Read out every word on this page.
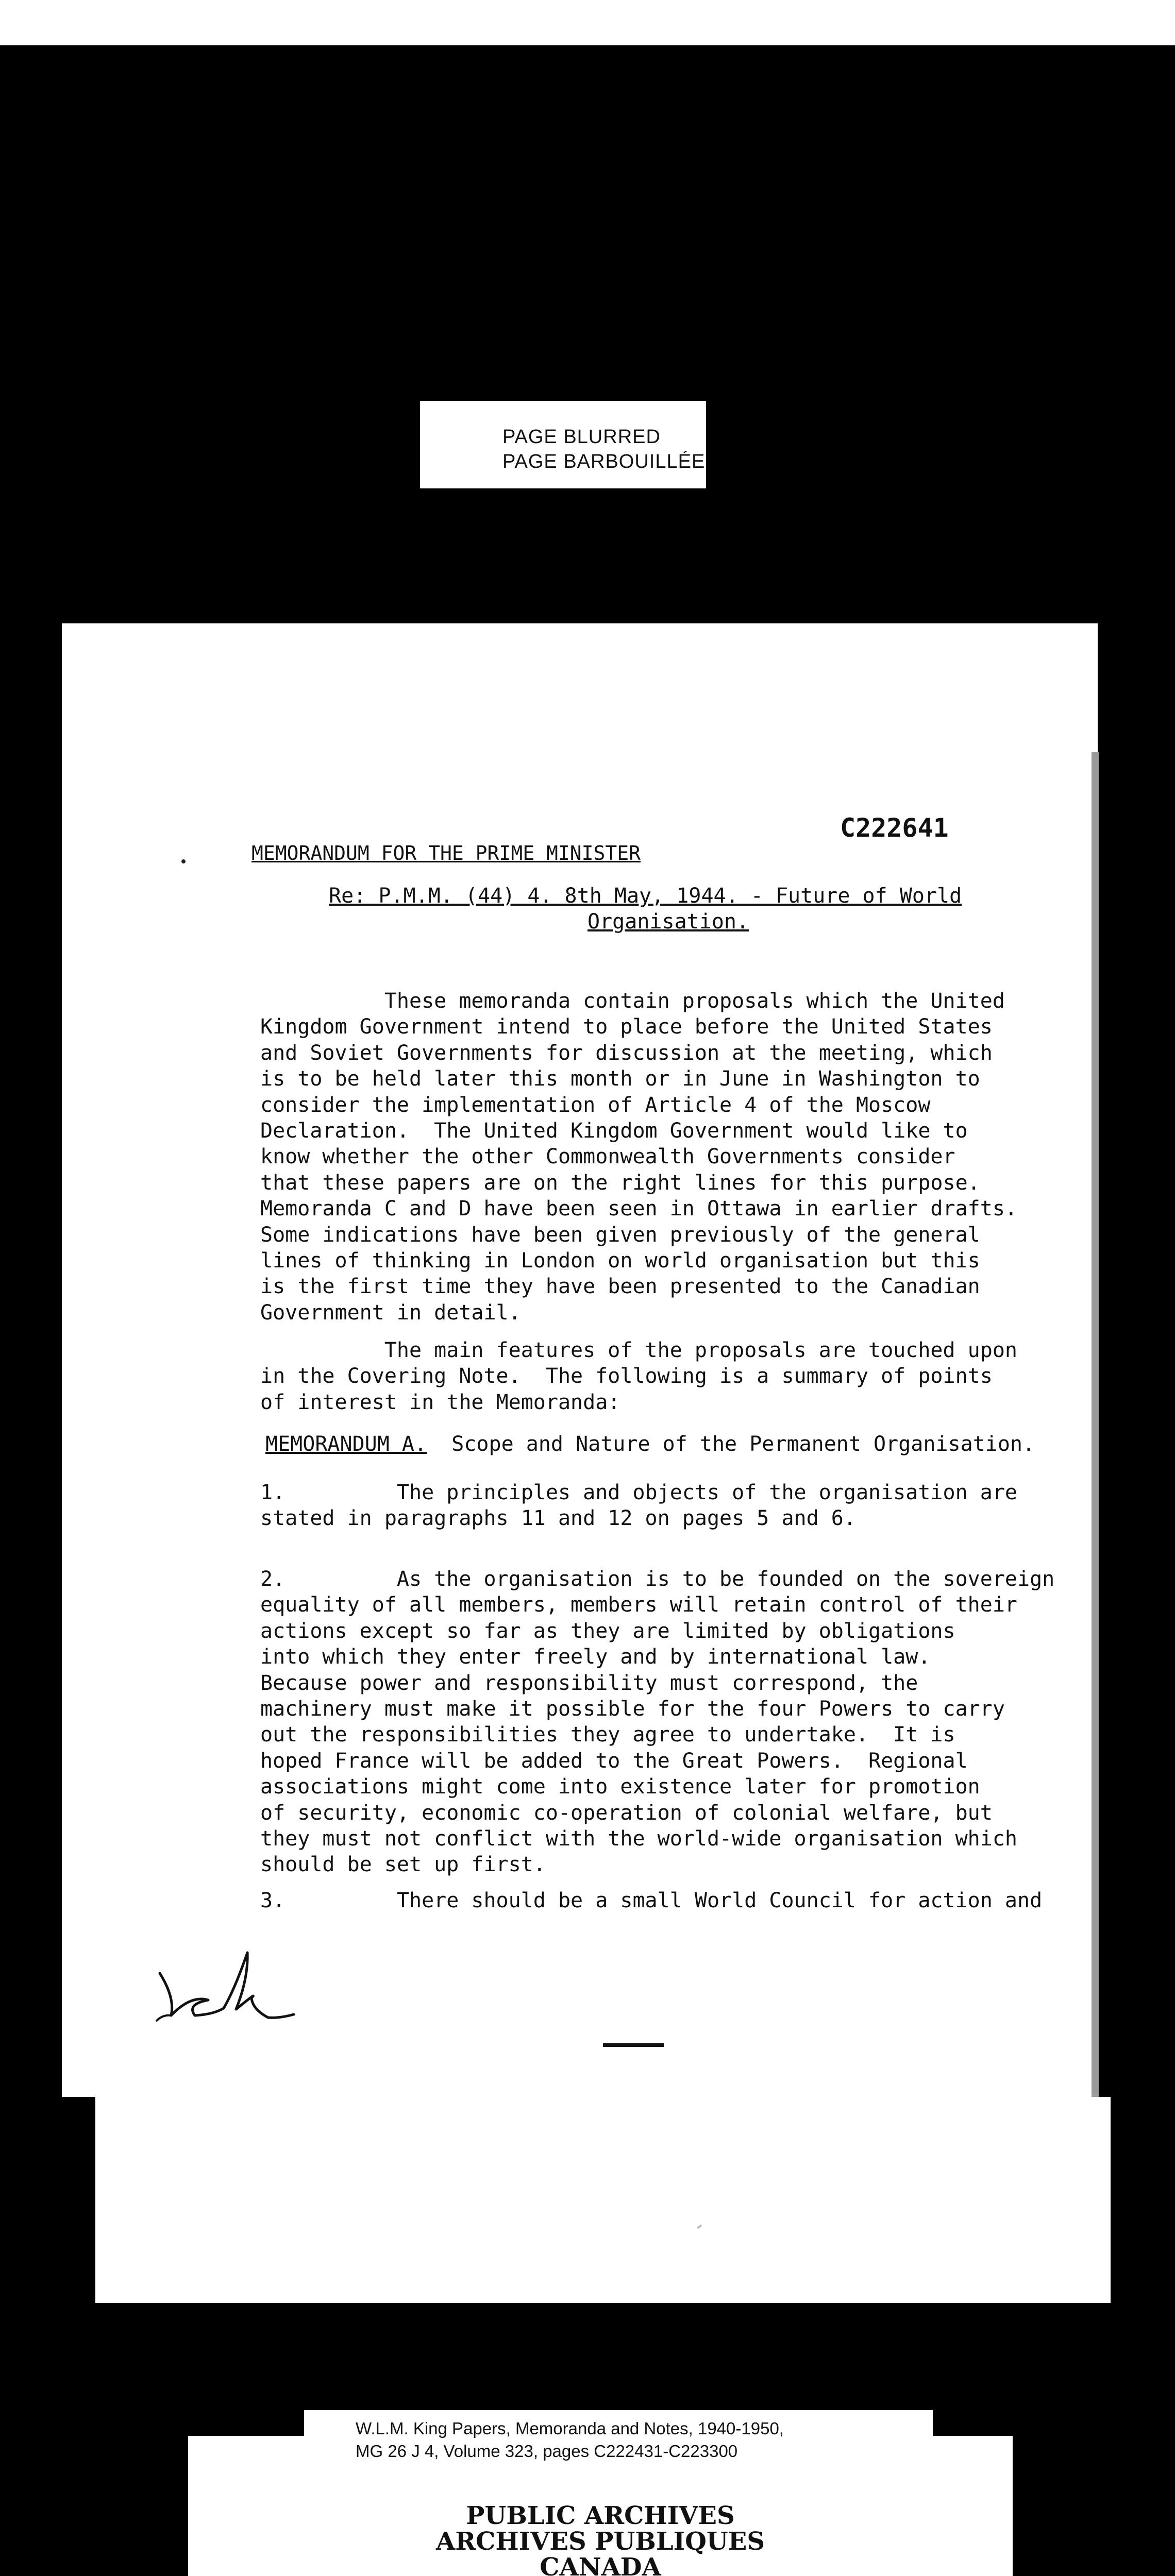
PAGE BLURRED
PAGE BARBOUILLÉE
C222641
MEMORANDUM FOR THE PRIME MINISTER
Re: P.M.M. (44) 4. 8th May, 1944. - Future of World
Organisation.
These memoranda contain proposals which the United
Kingdom Government intend to place before the United States
and Soviet Governments for discussion at the meeting, which
is to be held later this month or in June in Washington to
consider the implementation of Article 4 of the Moscow
Declaration.  The United Kingdom Government would like to
know whether the other Commonwealth Governments consider
that these papers are on the right lines for this purpose.
Memoranda C and D have been seen in Ottawa in earlier drafts.
Some indications have been given previously of the general
lines of thinking in London on world organisation but this
is the first time they have been presented to the Canadian
Government in detail.
The main features of the proposals are touched upon
in the Covering Note.  The following is a summary of points
of interest in the Memoranda:
MEMORANDUM A.  Scope and Nature of the Permanent Organisation.
1.         The principles and objects of the organisation are
stated in paragraphs 11 and 12 on pages 5 and 6.
2.         As the organisation is to be founded on the sovereign
equality of all members, members will retain control of their
actions except so far as they are limited by obligations
into which they enter freely and by international law.
Because power and responsibility must correspond, the
machinery must make it possible for the four Powers to carry
out the responsibilities they agree to undertake.  It is
hoped France will be added to the Great Powers.  Regional
associations might come into existence later for promotion
of security, economic co-operation of colonial welfare, but
they must not conflict with the world-wide organisation which
should be set up first.
3.         There should be a small World Council for action and
PUBLIC ARCHIVES
ARCHIVES PUBLIQUES
CANADA
W.L.M. King Papers, Memoranda and Notes, 1940-1950,
MG 26 J 4, Volume 323, pages C222431-C223300
